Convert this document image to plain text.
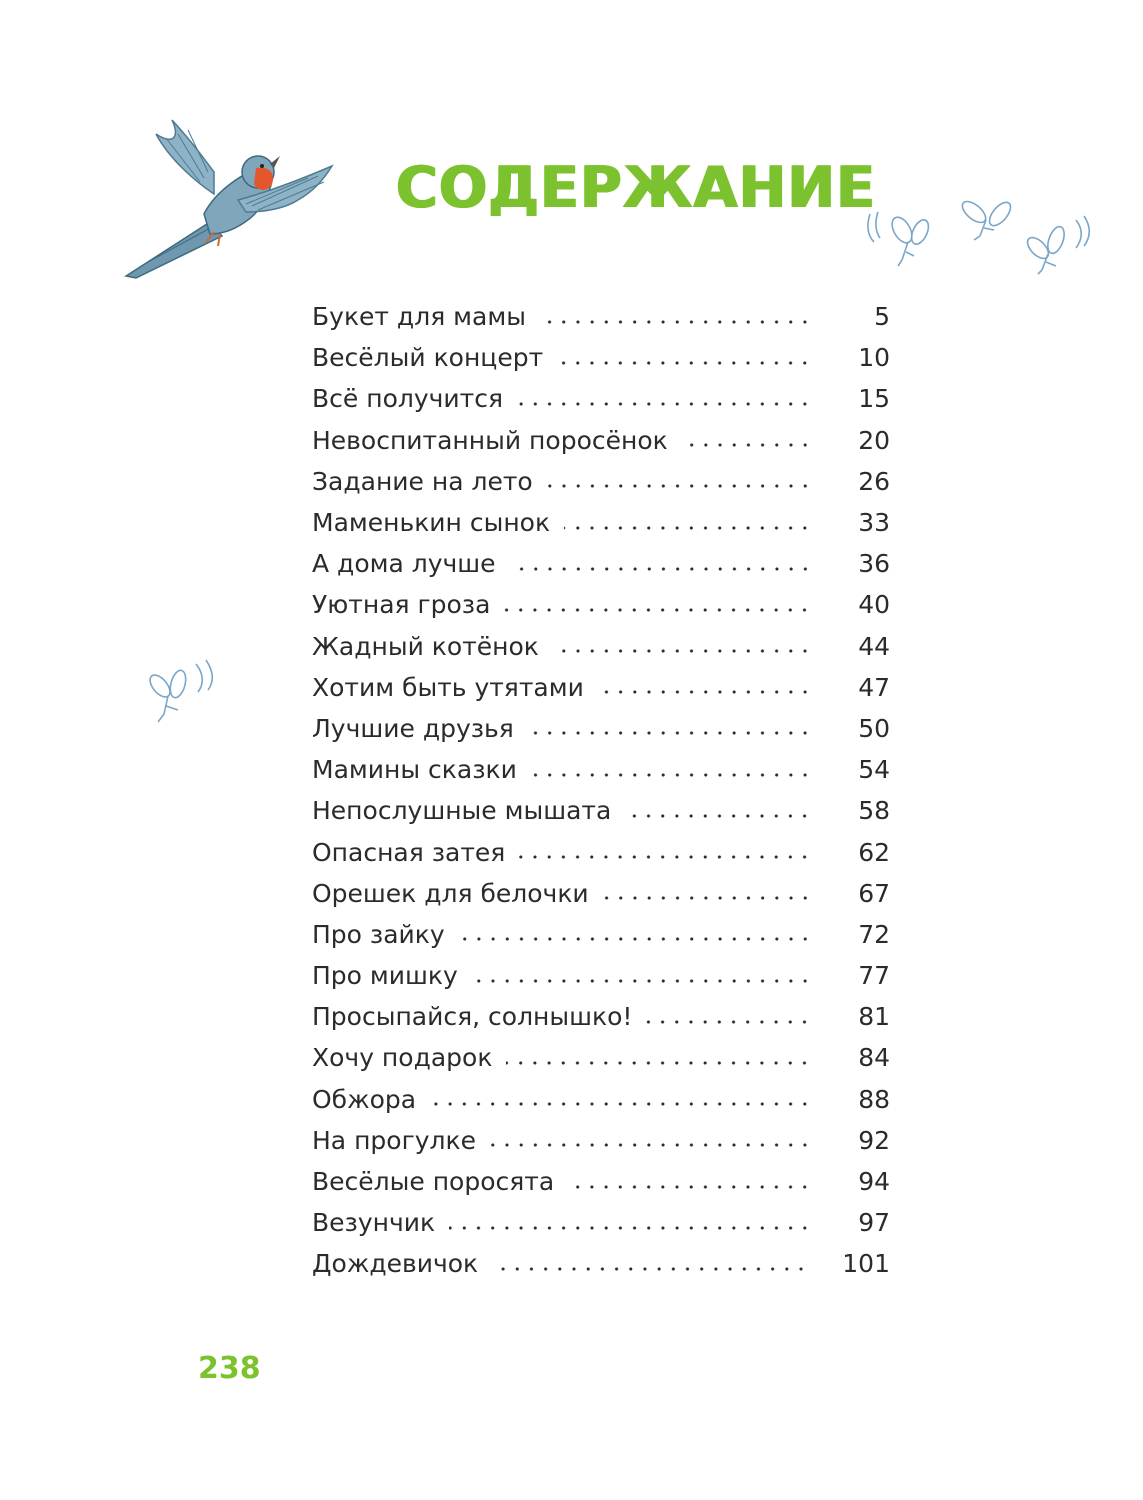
СОДЕРЖАНИЕ
Букет для мамы	5
Весёлый концерт	10
Всё получится	15
Невоспитанный поросёнок	20
Задание на лето	26
Маменькин сынок	33
А дома лучше	36
Уютная гроза	40
Жадный котёнок	44
Хотим быть утятами	47
Лучшие друзья	50
Мамины сказки	54
Непослушные мышата	58
Опасная затея	62
Орешек для белочки	67
Про зайку	72
Про мишку	77
Просыпайся, солнышко!	81
Хочу подарок	84
Обжора	88
На прогулке	92
Весёлые поросята	94
Везунчик	97
Дождевичок	101
238
